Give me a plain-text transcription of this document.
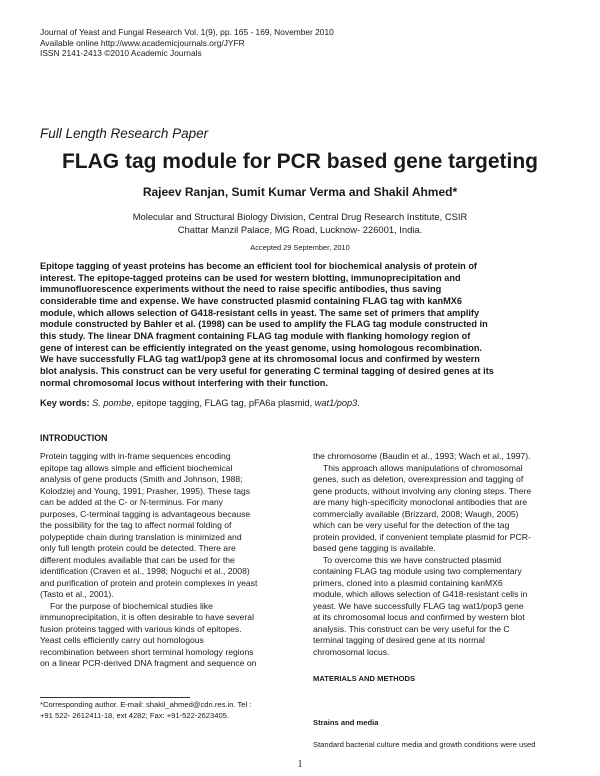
Journal of Yeast and Fungal Research Vol. 1(9), pp. 165 - 169, November 2010
Available online http://www.academicjournals.org/JYFR
ISSN 2141-2413 ©2010 Academic Journals
Full Length Research Paper
FLAG tag module for PCR based gene targeting
Rajeev Ranjan, Sumit Kumar Verma and Shakil Ahmed*
Molecular and Structural Biology Division, Central Drug Research Institute, CSIR
Chattar Manzil Palace, MG Road, Lucknow- 226001, India.
Accepted 29 September, 2010
Epitope tagging of yeast proteins has become an efficient tool for biochemical analysis of protein of
interest. The epitope-tagged proteins can be used for western blotting, immunoprecipitation and
immunofluorescence experiments without the need to raise specific antibodies, thus saving
considerable time and expense. We have constructed plasmid containing FLAG tag with kanMX6
module, which allows selection of G418-resistant cells in yeast. The same set of primers that amplify
module constructed by Bahler et al. (1998) can be used to amplify the FLAG tag module constructed in
this study. The linear DNA fragment containing FLAG tag module with flanking homology region of
gene of interest can be efficiently integrated on the yeast genome, using homologous recombination.
We have successfully FLAG tag wat1/pop3 gene at its chromosomal locus and confirmed by western
blot analysis. This construct can be very useful for generating C terminal tagging of desired genes at its
normal chromosomal locus without interfering with their function.
Key words: S. pombe, epitope tagging, FLAG tag, pFA6a plasmid, wat1/pop3.
INTRODUCTION
Protein tagging with in-frame sequences encoding
epitope tag allows simple and efficient biochemical
analysis of gene products (Smith and Johnson, 1988;
Kolodziej and Young, 1991; Prasher, 1995). These tags
can be added at the C- or N-terminus. For many
purposes, C-terminal tagging is advantageous because
the possibility for the tag to affect normal folding of
polypeptide chain during translation is minimized and
only full length protein could be detected. There are
different modules available that can be used for the
identification (Craven et al., 1998; Noguchi et al., 2008)
and purification of protein and protein complexes in yeast
(Tasto et al., 2001).
For the purpose of biochemical studies like
immunoprecipitation, it is often desirable to have several
fusion proteins tagged with various kinds of epitopes.
Yeast cells efficiently carry out homologous
recombination between short terminal homology regions
on a linear PCR-derived DNA fragment and sequence on
the chromosome (Baudin et al., 1993; Wach et al., 1997).
This approach allows manipulations of chromosomal
genes, such as deletion, overexpression and tagging of
gene products, without involving any cloning steps. There
are many high-specificity monoclonal antibodies that are
commercially available (Brizzard, 2008; Waugh, 2005)
which can be very useful for the detection of the tag
protein provided, if convenient template plasmid for PCR-
based gene tagging is available.
To overcome this we have constructed plasmid
containing FLAG tag module using two complementary
primers, cloned into a plasmid containing kanMX6
module, which allows selection of G418-resistant cells in
yeast. We have successfully FLAG tag wat1/pop3 gene
at its chromosomal locus and confirmed by western blot
analysis. This construct can be very useful for the C
terminal tagging of desired gene at its normal
chromosomal locus.
MATERIALS AND METHODS
Strains and media
Standard bacterial culture media and growth conditions were used
*Corresponding author. E-mail: shakil_ahmed@cdri.res.in. Tel :
+91 522- 2612411-18, ext 4282; Fax: +91-522-2623405.
1
